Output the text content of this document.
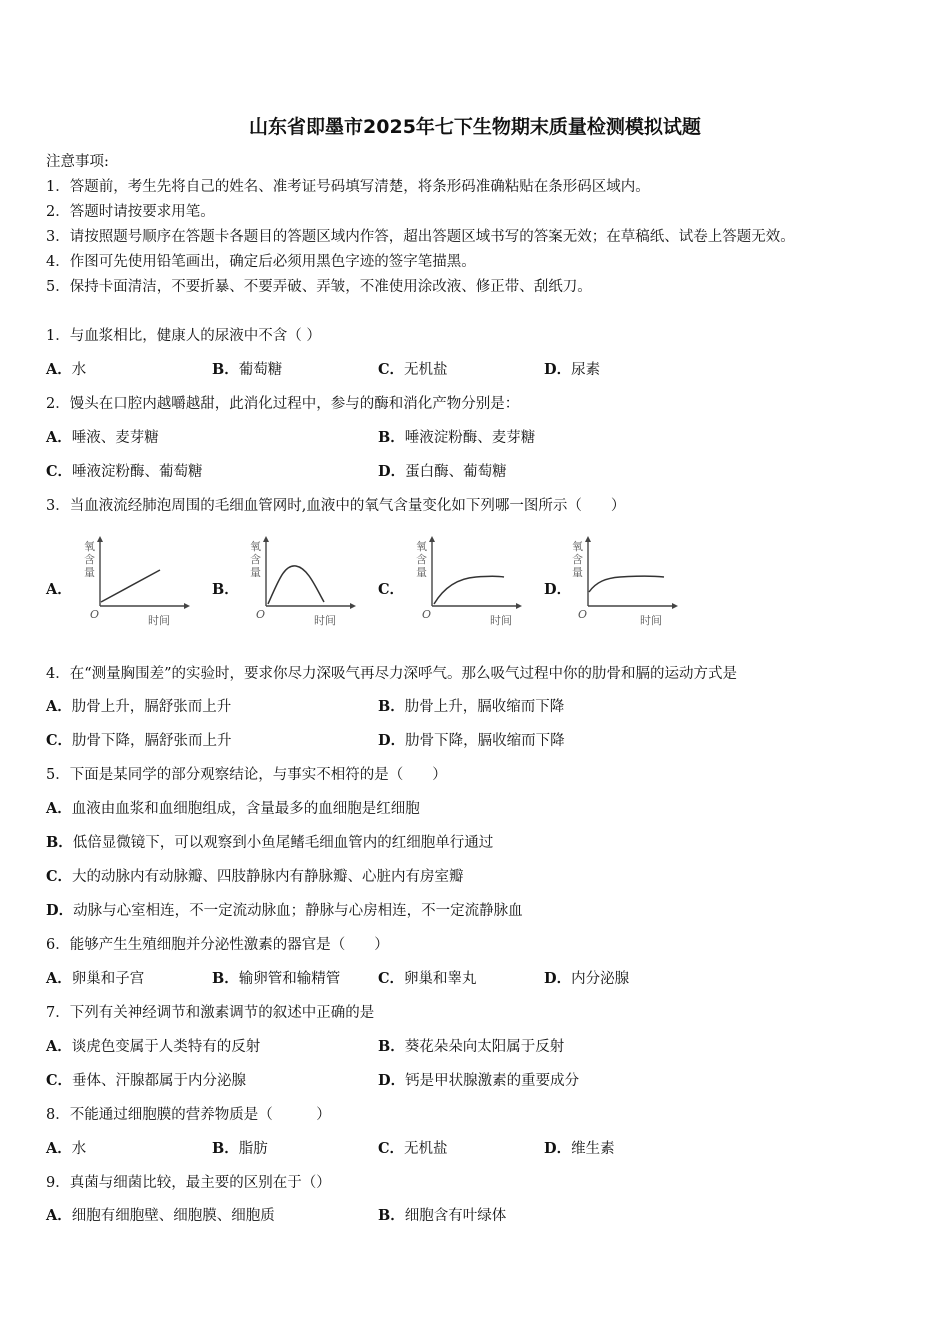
山东省即墨市2025年七下生物期末质量检测模拟试题
注意事项:
1．答题前，考生先将自己的姓名、准考证号码填写清楚，将条形码准确粘贴在条形码区域内。
2．答题时请按要求用笔。
3．请按照题号顺序在答题卡各题目的答题区域内作答，超出答题区域书写的答案无效；在草稿纸、试卷上答题无效。
4．作图可先使用铅笔画出，确定后必须用黑色字迹的签字笔描黑。
5．保持卡面清洁，不要折暴、不要弄破、弄皱，不准使用涂改液、修正带、刮纸刀。
1．与血浆相比，健康人的尿液中不含（ ）
A．水	B．葡萄糖	C．无机盐	D．尿素
2．馒头在口腔内越嚼越甜，此消化过程中，参与的酶和消化产物分别是：
A．唾液、麦芽糖	B．唾液淀粉酶、麦芽糖
C．唾液淀粉酶、葡萄糖	D．蛋白酶、葡萄糖
3．当血液流经肺泡周围的毛细血管网时,血液中的氧气含量变化如下列哪一图所示（　　）
A．
氧
含
量
O	时间
B．
氧
含
量
O	时间
C．
氧
含
量
O	时间
D．
氧
含
量
O	时间
4．在“测量胸围差”的实验时，要求你尽力深吸气再尽力深呼气。那么吸气过程中你的肋骨和膈的运动方式是
A．肋骨上升，膈舒张而上升	B．肋骨上升，膈收缩而下降
C．肋骨下降，膈舒张而上升	D．肋骨下降，膈收缩而下降
5．下面是某同学的部分观察结论，与事实不相符的是（　　）
A．血液由血浆和血细胞组成，含量最多的血细胞是红细胞
B．低倍显微镜下，可以观察到小鱼尾鳍毛细血管内的红细胞单行通过
C．大的动脉内有动脉瓣、四肢静脉内有静脉瓣、心脏内有房室瓣
D．动脉与心室相连，不一定流动脉血；静脉与心房相连，不一定流静脉血
6．能够产生生殖细胞并分泌性激素的器官是（　　）
A．卵巢和子宫	B．输卵管和输精管	C．卵巢和睾丸	D．内分泌腺
7．下列有关神经调节和激素调节的叙述中正确的是
A．谈虎色变属于人类特有的反射	B．葵花朵朵向太阳属于反射
C．垂体、汗腺都属于内分泌腺	D．钙是甲状腺激素的重要成分
8．不能通过细胞膜的营养物质是（　　　）
A．水	B．脂肪	C．无机盐	D．维生素
9．真菌与细菌比较，最主要的区别在于（）
A．细胞有细胞壁、细胞膜、细胞质	B．细胞含有叶绿体
